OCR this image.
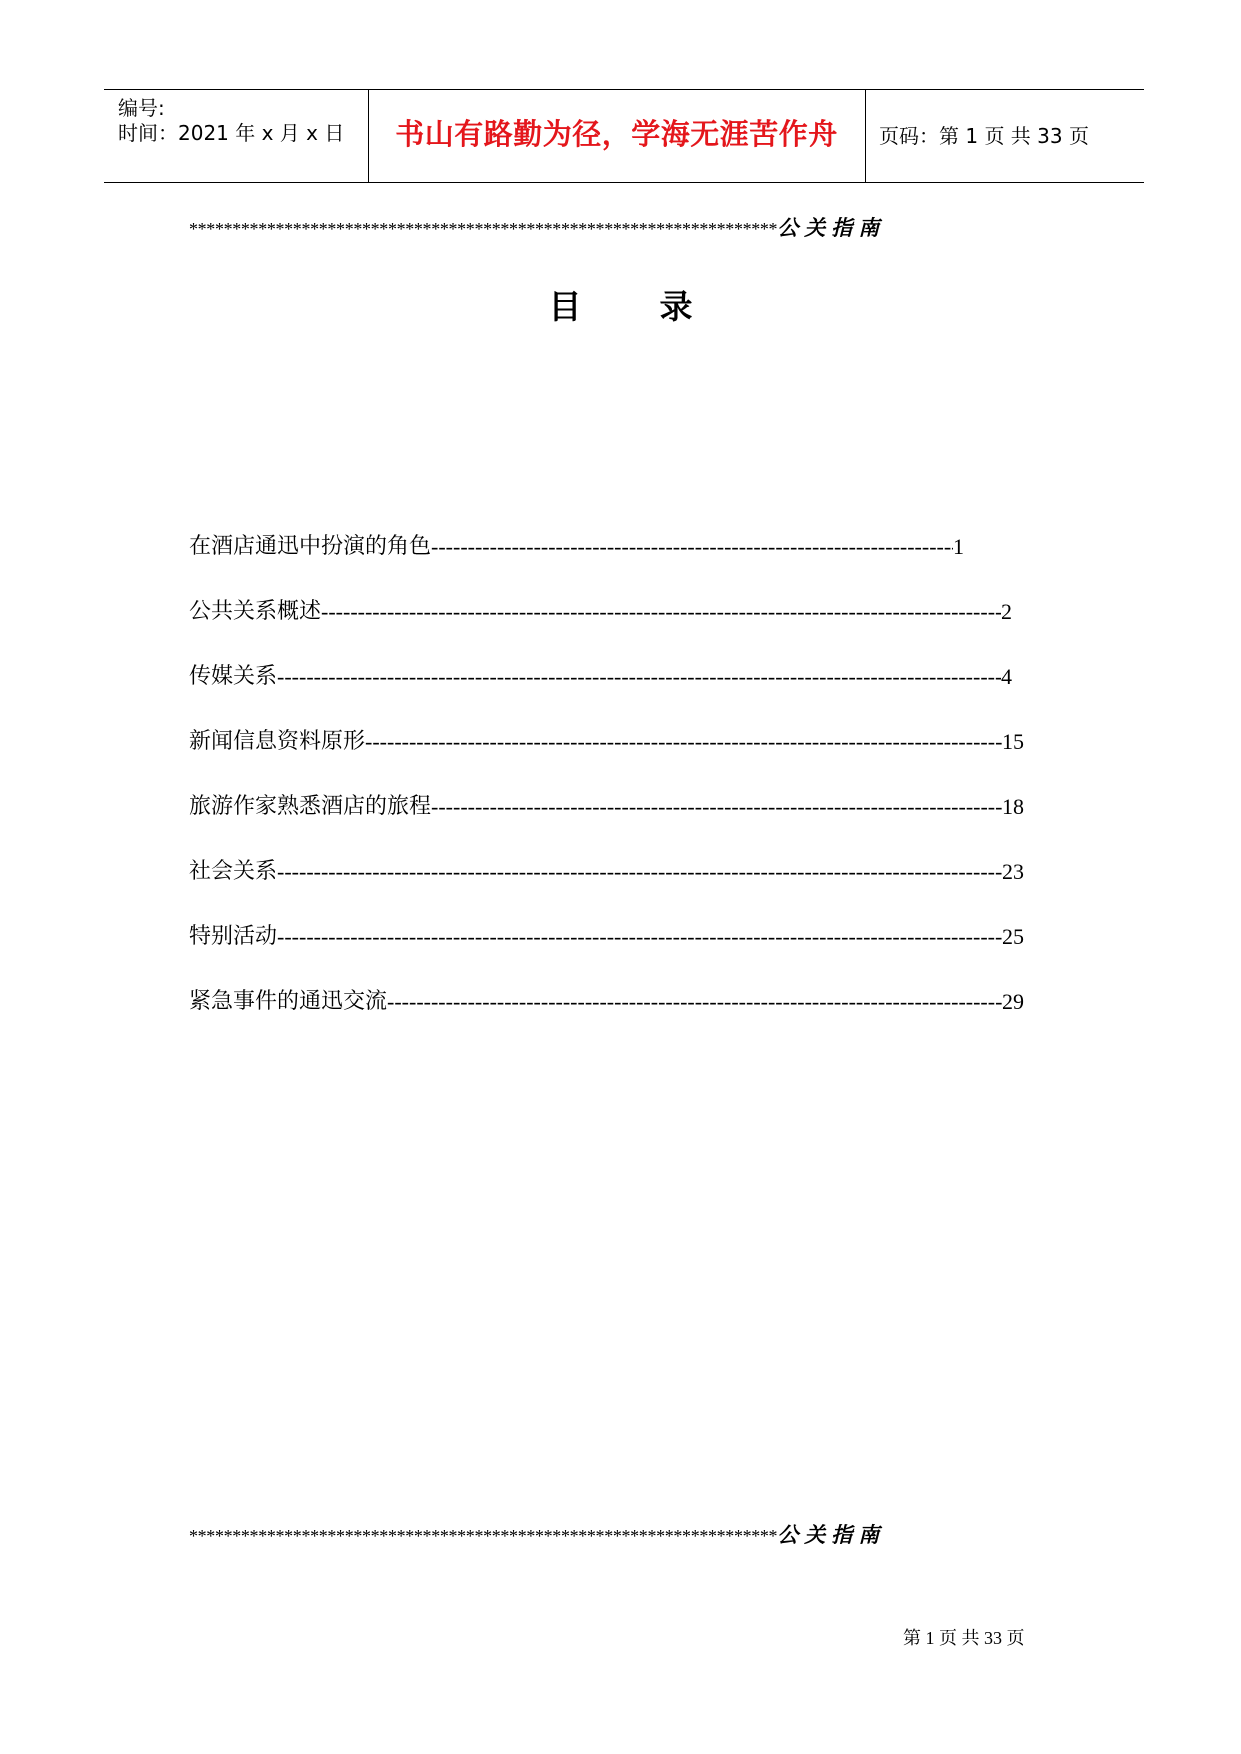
编号:
时间：2021 年 x 月 x 日	书山有路勤为径，学海无涯苦作舟	页码：第 1 页 共 33 页
********************************************************************公关指南
目 录
在酒店通迅中扮演的角色 -----	1
公共关系概述 -----	2
传媒关系 -----	4
新闻信息资料原形 -----	15
旅游作家熟悉酒店的旅程 -----	18
社会关系 -----	23
特别活动 -----	25
紧急事件的通迅交流 -----	29
********************************************************************公关指南
第 1 页 共 33 页
